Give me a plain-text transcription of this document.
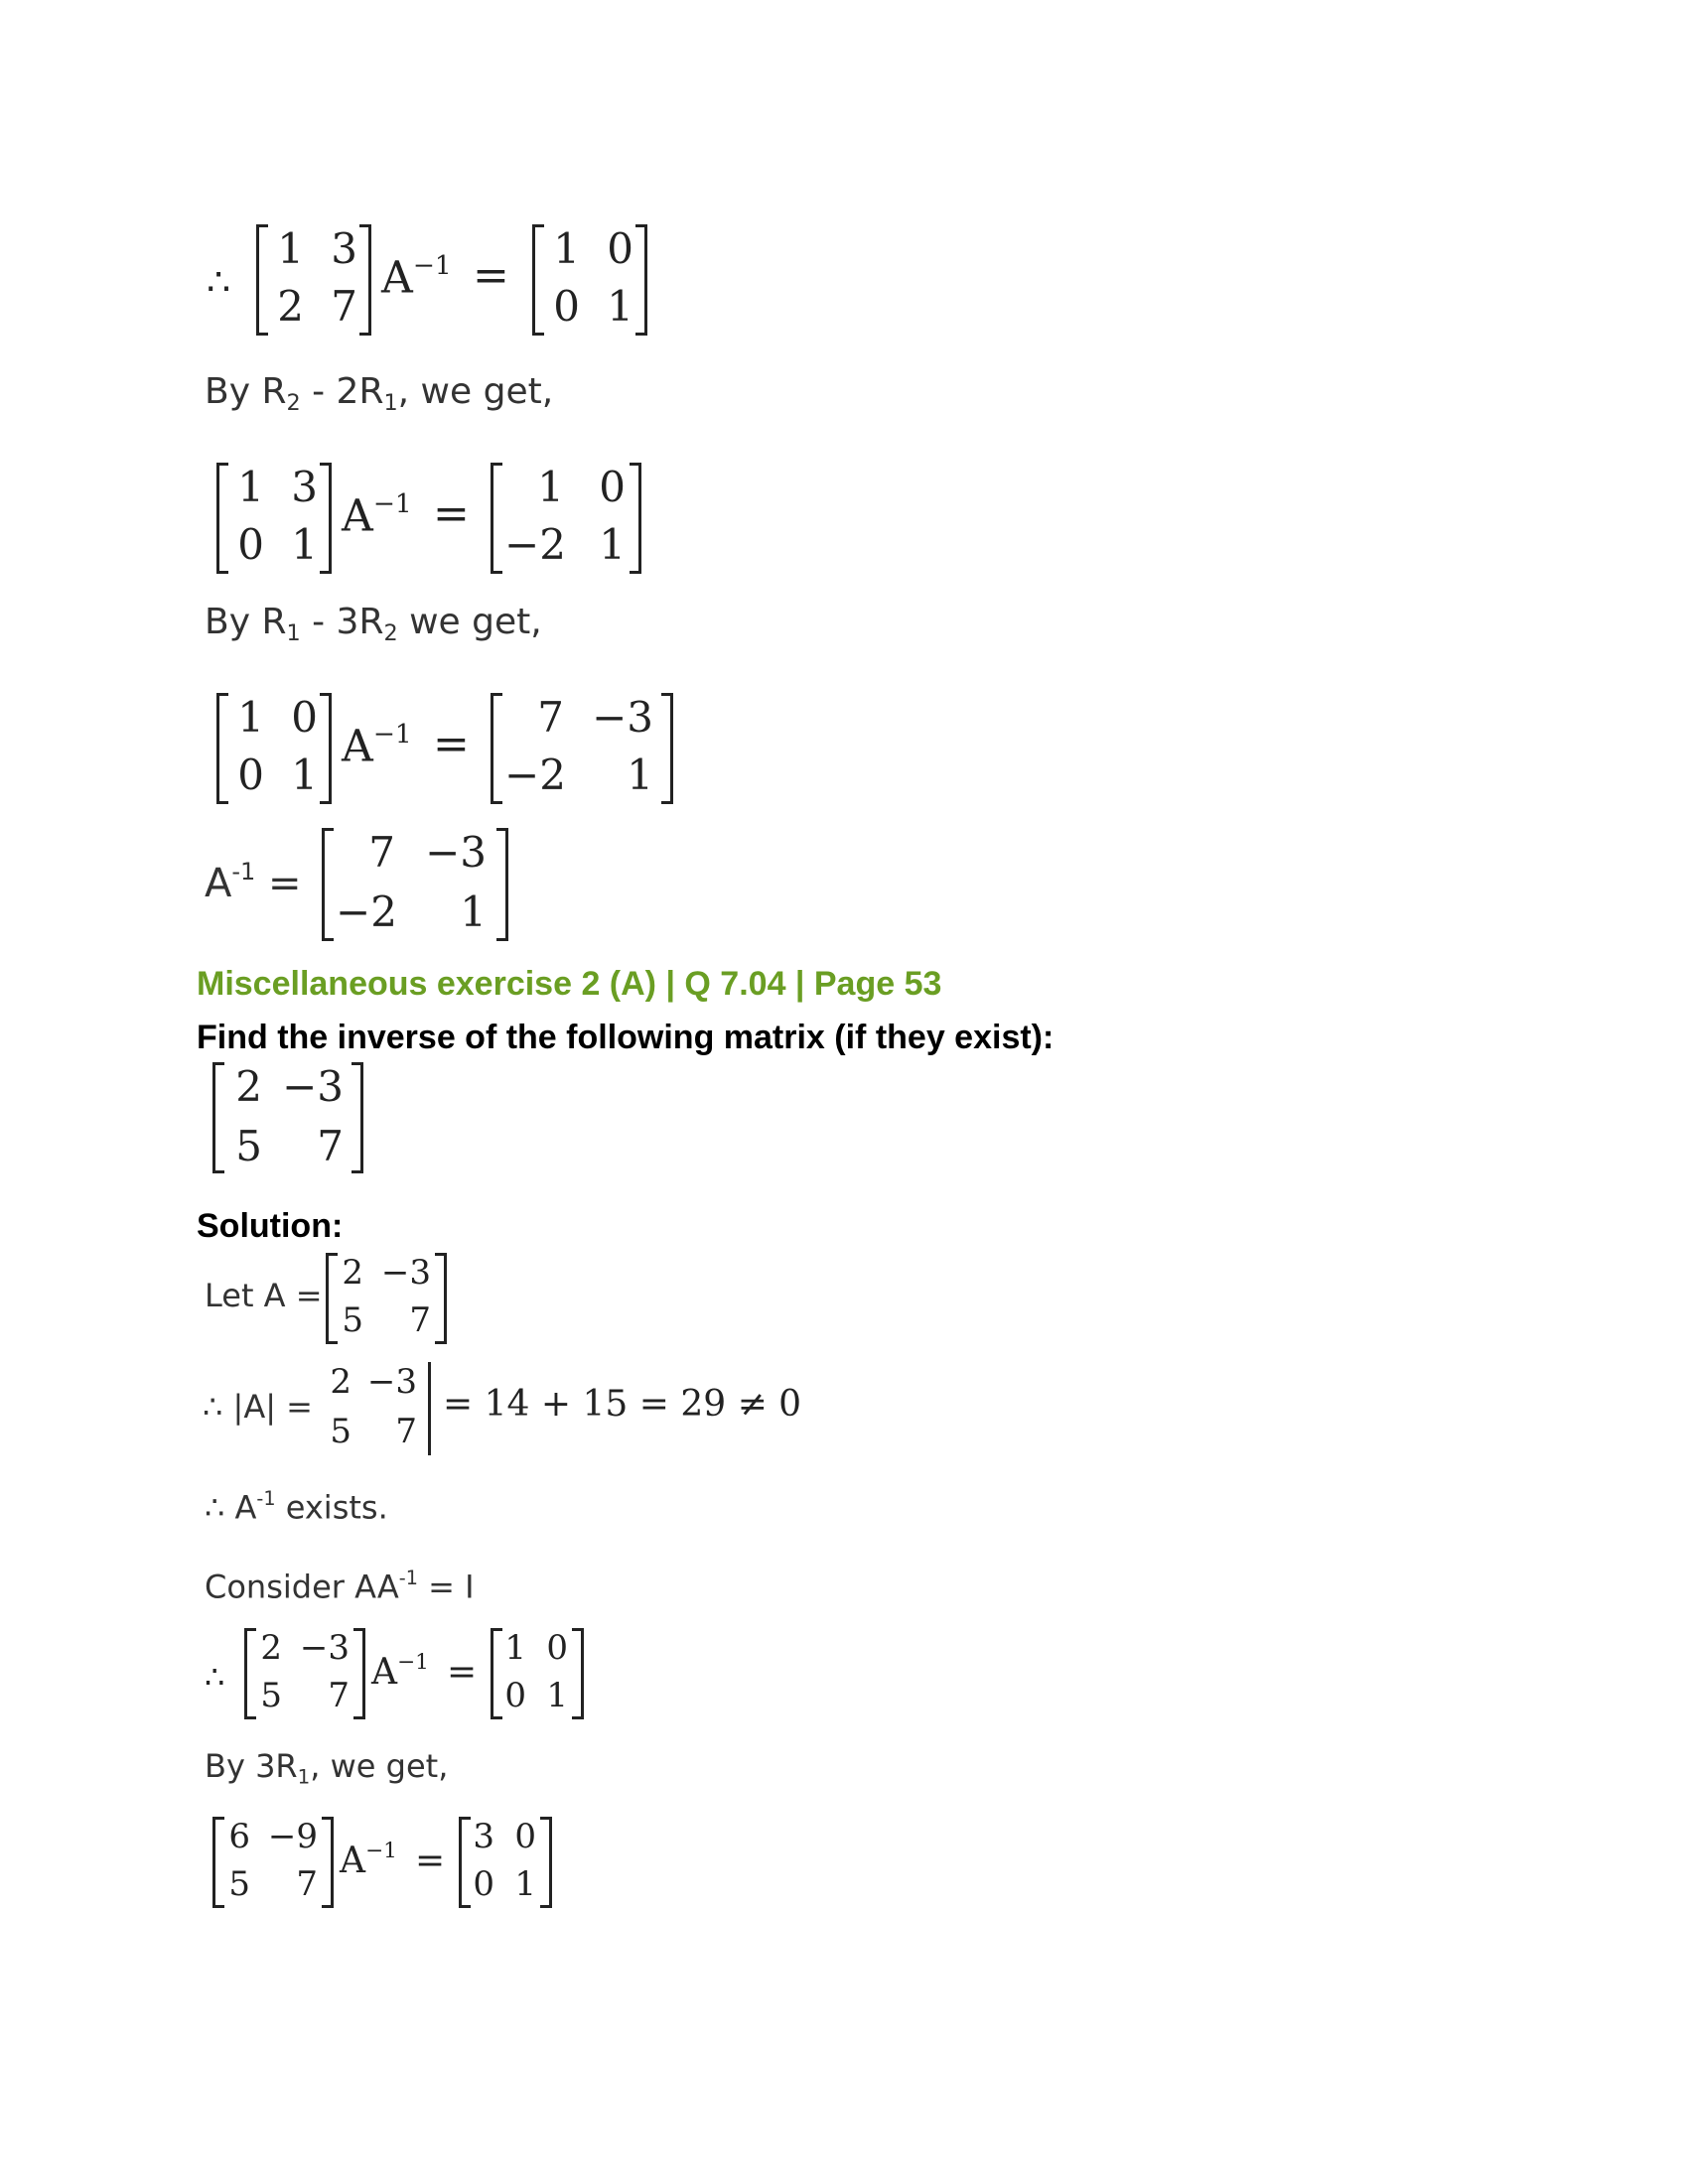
∴
1 3
2 7
$A^{-1}$ =
1 0
0 1
By $R_2 - 2R_1$, we get,
1 3
0 1
$A^{-1}$ =
1 0
−2 1
By $R_1 - 3R_2$ we get,
1 0
0 1
$A^{-1}$ =
7 −3
−2	1
$A^{-1}$ =
7 −3
−2	1
Miscellaneous exercise 2 (A) | Q 7.04 | Page 53
Find the inverse of the following matrix (if they exist):
2 −3
5	7
Solution:
Let A =
2 −3
5	7
∴ |A| =
2 −3
5	7
= 14 + 15 = 29 ≠ 0
∴ $A^{-1}$ exists.
Consider $AA^{-1} = I$
∴
2 −3
5	7
$A^{-1}$ =
1 0
0 1
By $3R_1$, we get,
6 −9
5	7
$A^{-1}$ =
3 0
0 1
